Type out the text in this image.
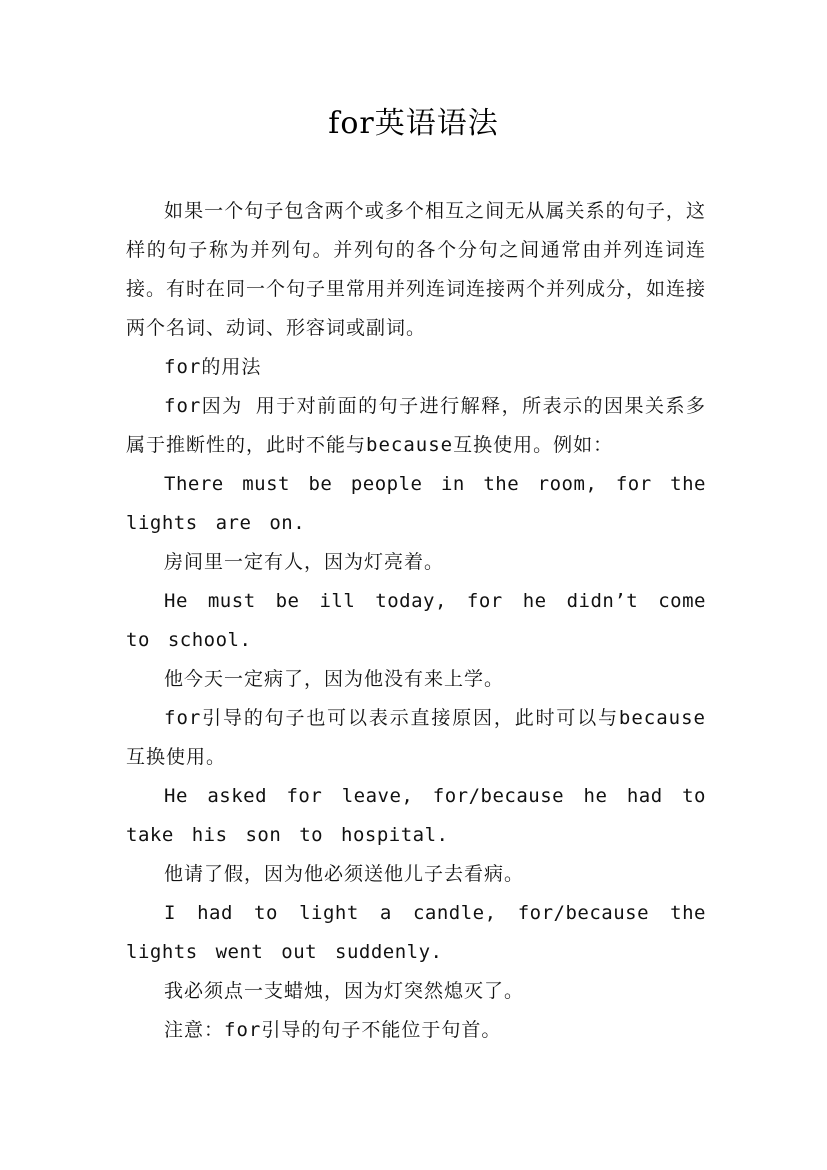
for英语语法

如果一个句子包含两个或多个相互之间无从属关系的句子，这样的句子称为并列句。并列句的各个分句之间通常由并列连词连接。有时在同一个句子里常用并列连词连接两个并列成分，如连接两个名词、动词、形容词或副词。

for的用法

for因为 用于对前面的句子进行解释，所表示的因果关系多属于推断性的，此时不能与because互换使用。例如：

There must be people in the room, for the lights are on.

房间里一定有人，因为灯亮着。

He must be ill today, for he didn’t come to school.

他今天一定病了，因为他没有来上学。

for引导的句子也可以表示直接原因，此时可以与because互换使用。

He asked for leave, for/because he had to take his son to hospital.

他请了假，因为他必须送他儿子去看病。

I had to light a candle, for/because the lights went out suddenly.

我必须点一支蜡烛，因为灯突然熄灭了。

注意：for引导的句子不能位于句首。
